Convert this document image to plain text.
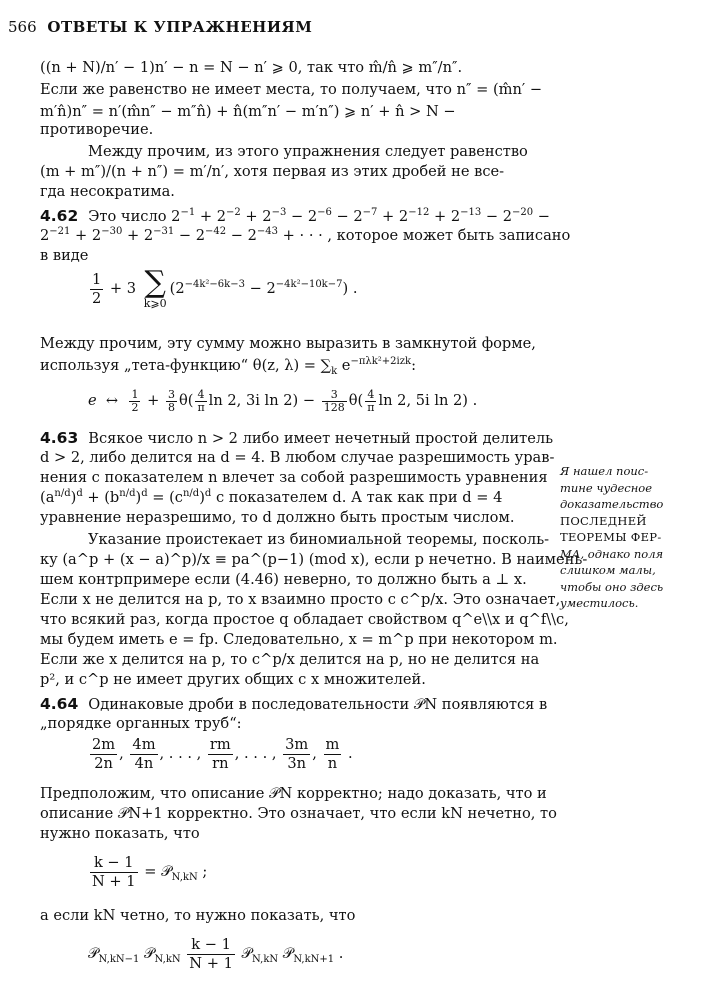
566 ОТВЕТЫ К УПРАЖНЕНИЯМ
((n + N)/n′ − 1)n′ − n = N − n′ ⩾ 0, так что m̂/n̂ ⩾ m″/n″.
Если же равенство не имеет места, то получаем, что n″ = (m̂n′ −
m′n̂)n″ = n′(m̂n″ − m″n̂) + n̂(m″n′ − m′n″) ⩾ n′ + n̂ > N −
противоречие.
Между прочим, из этого упражнения следует равенство
(m + m″)/(n + n″) = m′/n′, хотя первая из этих дробей не все-
гда несократима.
4.62 Это число $2^{-1} + 2^{-2} + 2^{-3} - 2^{-6} - 2^{-7} + 2^{-12} + 2^{-13} - 2^{-20}$ −
$2^{-21} + 2^{-30} + 2^{-31} - 2^{-42} - 2^{-43}$ + · · · , которое может быть записано
в виде
$\frac{1}{2} + 3$ ∑
k⩾0
$(2^{-4k^2-6k-3} - 2^{-4k^2-10k-7})$ .
Между прочим, эту сумму можно выразить в замкнутой форме,
используя „тета-функцию“ θ(z, $\lambda) = \sum_k$ $e^{-\pi\lambda k^2+2izk}$:
e  ↔ $\frac{1}{2} + \frac{3}{8} \theta( \frac{4}{\pi}$ ln 2, 3i $\ln 2) - \frac{3}{128} \theta( \frac{4}{\pi}$ ln 2, 5i ln 2) .
4.63 Всякое число n > 2 либо имеет нечетный простой делитель
d > 2, либо делится на d = 4. В любом случае разрешимость урав-
нения с показателем n влечет за собой разрешимость уравнения
$(a^{n/d})^d + (b^{n/d})^d = (c^{n/d})^d$ с показателем d. А так как при d = 4
уравнение неразрешимо, то d должно быть простым числом.
Указание проистекает из биномиальной теоремы, посколь-
ку (a^p + (x − a)^p)/x ≡ pa^(p−1) (mod x), если p нечетно. В наимень-
шем контрпримере если (4.46) неверно, то должно быть a ⊥ x.
Если x не делится на p, то x взаимно просто с c^p/x. Это означает,
что всякий раз, когда простое q обладает свойством q^e\\x и q^f\\c,
мы будем иметь e = fp. Следовательно, x = m^p при некотором m.
Если же x делится на p, то c^p/x делится на p, но не делится на
p², и c^p не имеет других общих с x множителей.
4.64 Одинаковые дроби в последовательности 𝒫N появляются в
„порядке органных труб“:
$\frac{2m}{2n}$ , $\frac{4m}{4n}$ , . . . , $\frac{rm}{rn}$ , . . . , $\frac{3m}{3n}$ , $\frac{m}{n}$ .
Предположим, что описание 𝒫N корректно; надо доказать, что и
описание 𝒫N+1 корректно. Это означает, что если kN нечетно, то
нужно показать, что
$\frac{k - 1}{N + 1}$ = 𝒫$_{N,kN}$ ;
а если kN четно, то нужно показать, что
𝒫$_{N,kN-1}$ 𝒫$_{N,kN}$ $\frac{k - 1}{N + 1}$ 𝒫$_{N,kN}$ 𝒫$_{N,kN+1}$ .
Я нашел поис-
тине чудесное
доказательство
ПОСЛЕДНЕЙ
ТЕОРЕМЫ ФЕР-
МА, однако поля
слишком малы,
чтобы оно здесь
уместилось.
